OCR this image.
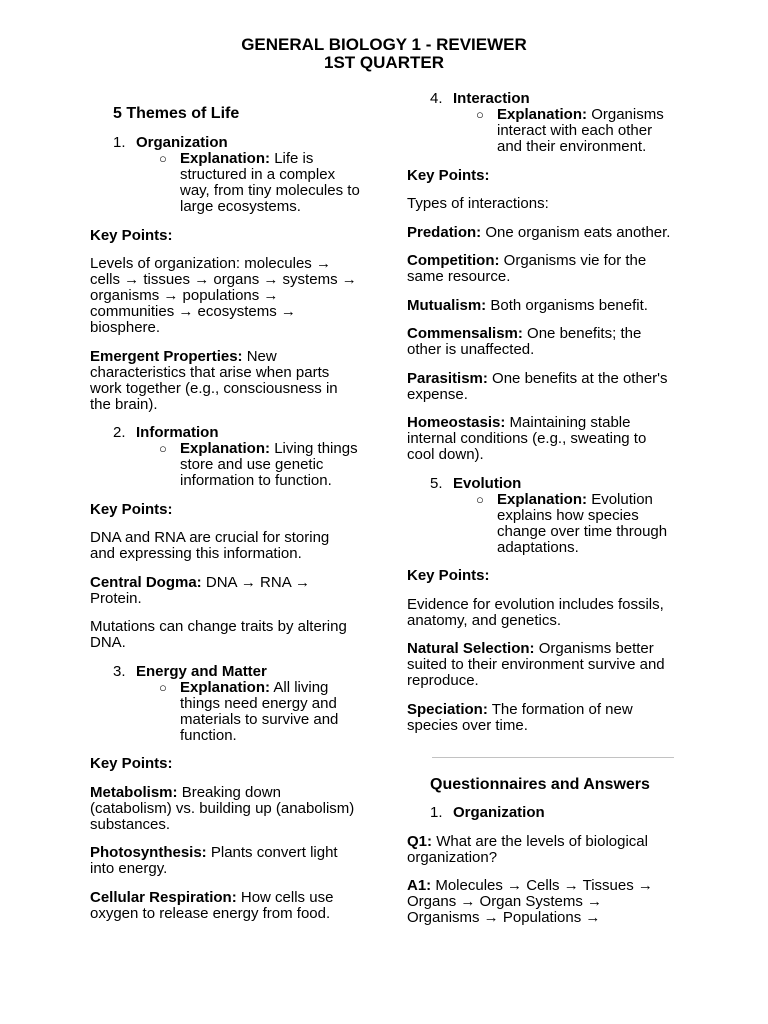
GENERAL BIOLOGY 1 - REVIEWER
1ST QUARTER
5 Themes of Life
1. Organization
○ Explanation: Life is
structured in a complex
way, from tiny molecules to
large ecosystems.
Key Points:
Levels of organization: molecules →
cells → tissues → organs → systems →
organisms → populations →
communities → ecosystems →
biosphere.
Emergent Properties: New
characteristics that arise when parts
work together (e.g., consciousness in
the brain).
2. Information
○ Explanation: Living things
store and use genetic
information to function.
Key Points:
DNA and RNA are crucial for storing
and expressing this information.
Central Dogma: DNA → RNA →
Protein.
Mutations can change traits by altering
DNA.
3. Energy and Matter
○ Explanation: All living
things need energy and
materials to survive and
function.
Key Points:
Metabolism: Breaking down
(catabolism) vs. building up (anabolism)
substances.
Photosynthesis: Plants convert light
into energy.
Cellular Respiration: How cells use
oxygen to release energy from food.
4. Interaction
○ Explanation: Organisms
interact with each other
and their environment.
Key Points:
Types of interactions:
Predation: One organism eats another.
Competition: Organisms vie for the
same resource.
Mutualism: Both organisms benefit.
Commensalism: One benefits; the
other is unaffected.
Parasitism: One benefits at the other's
expense.
Homeostasis: Maintaining stable
internal conditions (e.g., sweating to
cool down).
5. Evolution
○ Explanation: Evolution
explains how species
change over time through
adaptations.
Key Points:
Evidence for evolution includes fossils,
anatomy, and genetics.
Natural Selection: Organisms better
suited to their environment survive and
reproduce.
Speciation: The formation of new
species over time.
Questionnaires and Answers
1. Organization
Q1: What are the levels of biological
organization?
A1: Molecules → Cells → Tissues →
Organs → Organ Systems →
Organisms → Populations →
